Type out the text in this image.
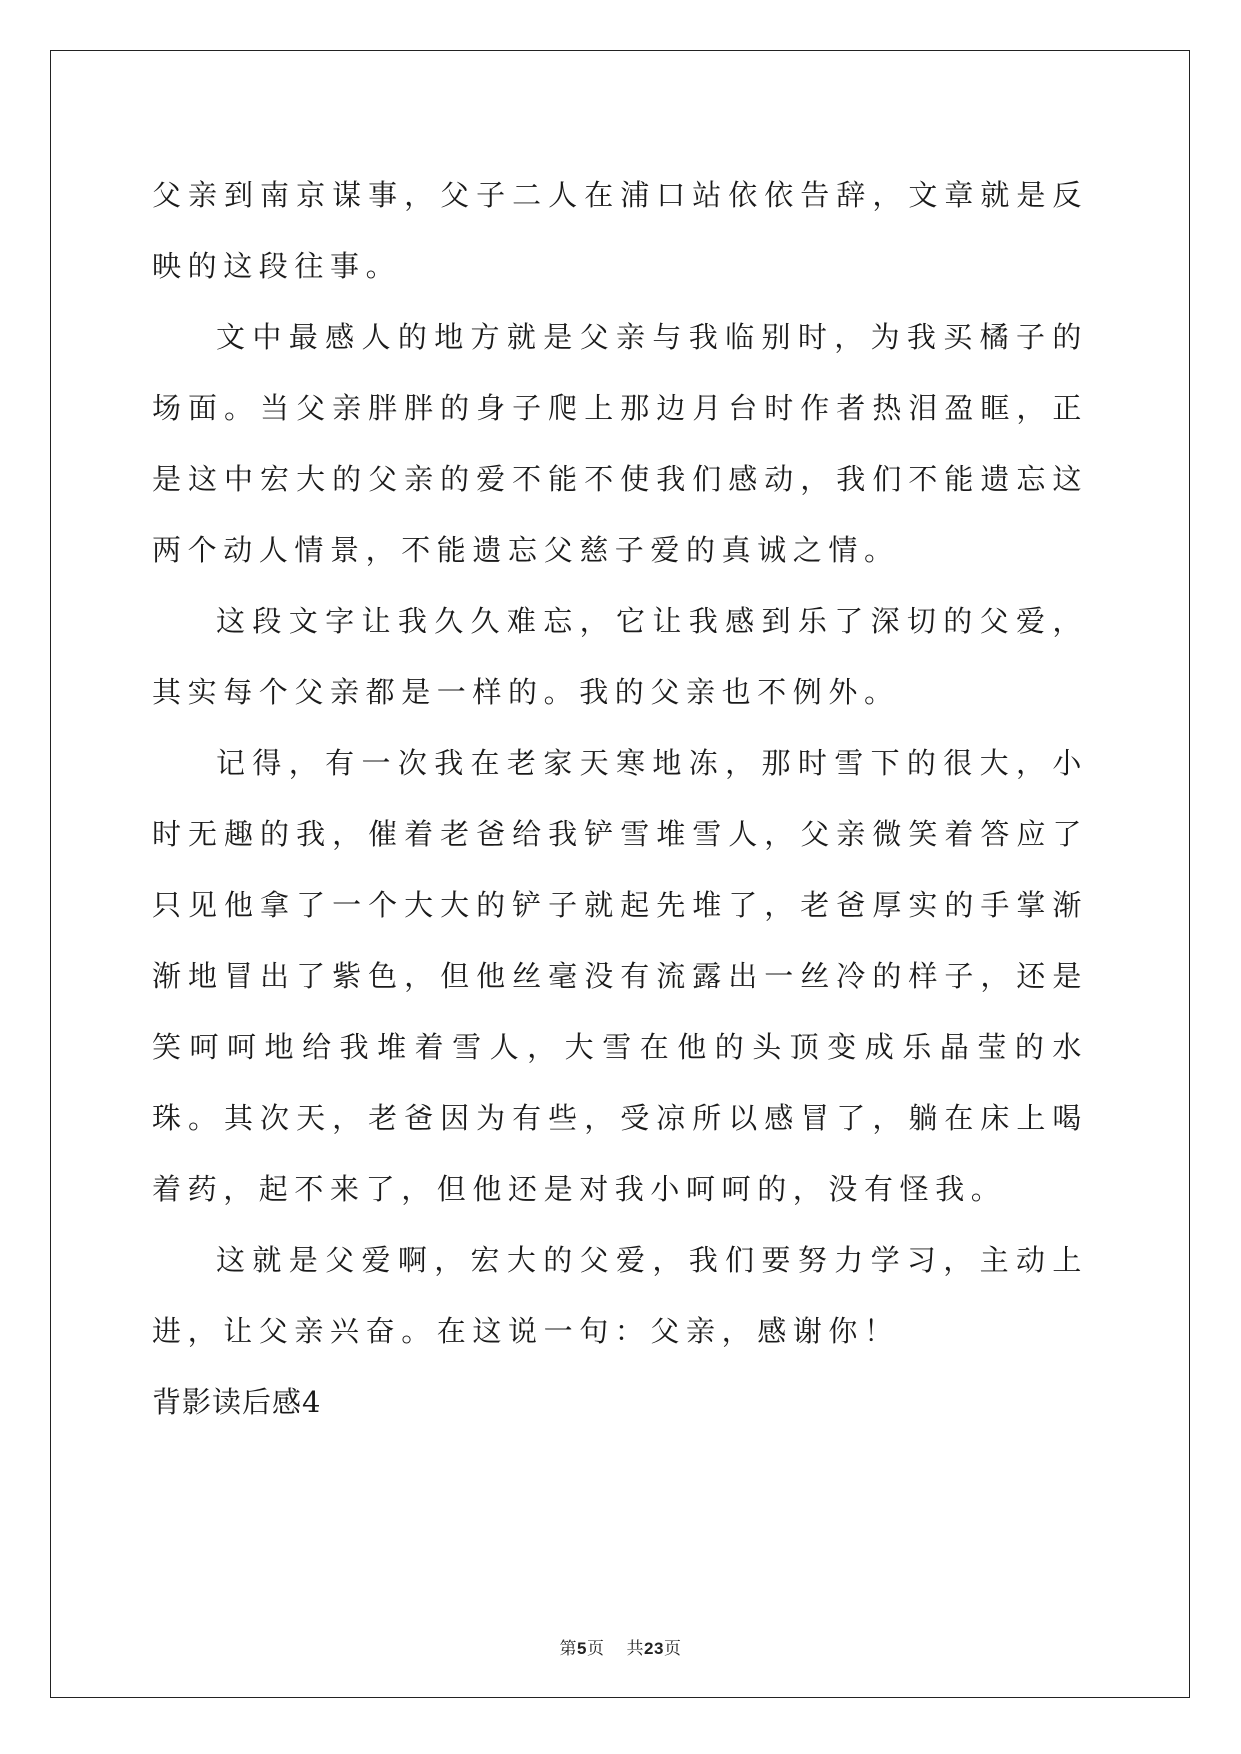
父亲到南京谋事，父子二人在浦口站依依告辞，文章就是反映的这段往事。

文中最感人的地方就是父亲与我临别时，为我买橘子的场面。当父亲胖胖的身子爬上那边月台时作者热泪盈眶，正是这中宏大的父亲的爱不能不使我们感动，我们不能遗忘这两个动人情景，不能遗忘父慈子爱的真诚之情。

这段文字让我久久难忘，它让我感到乐了深切的父爱，其实每个父亲都是一样的。我的父亲也不例外。

记得，有一次我在老家天寒地冻，那时雪下的很大，小时无趣的我，催着老爸给我铲雪堆雪人，父亲微笑着答应了只见他拿了一个大大的铲子就起先堆了，老爸厚实的手掌渐渐地冒出了紫色，但他丝毫没有流露出一丝冷的样子，还是笑呵呵地给我堆着雪人，大雪在他的头顶变成乐晶莹的水珠。其次天，老爸因为有些，受凉所以感冒了，躺在床上喝着药，起不来了，但他还是对我小呵呵的，没有怪我。

这就是父爱啊，宏大的父爱，我们要努力学习，主动上进，让父亲兴奋。在这说一句：父亲，感谢你！

背影读后感4
第5页 共23页
